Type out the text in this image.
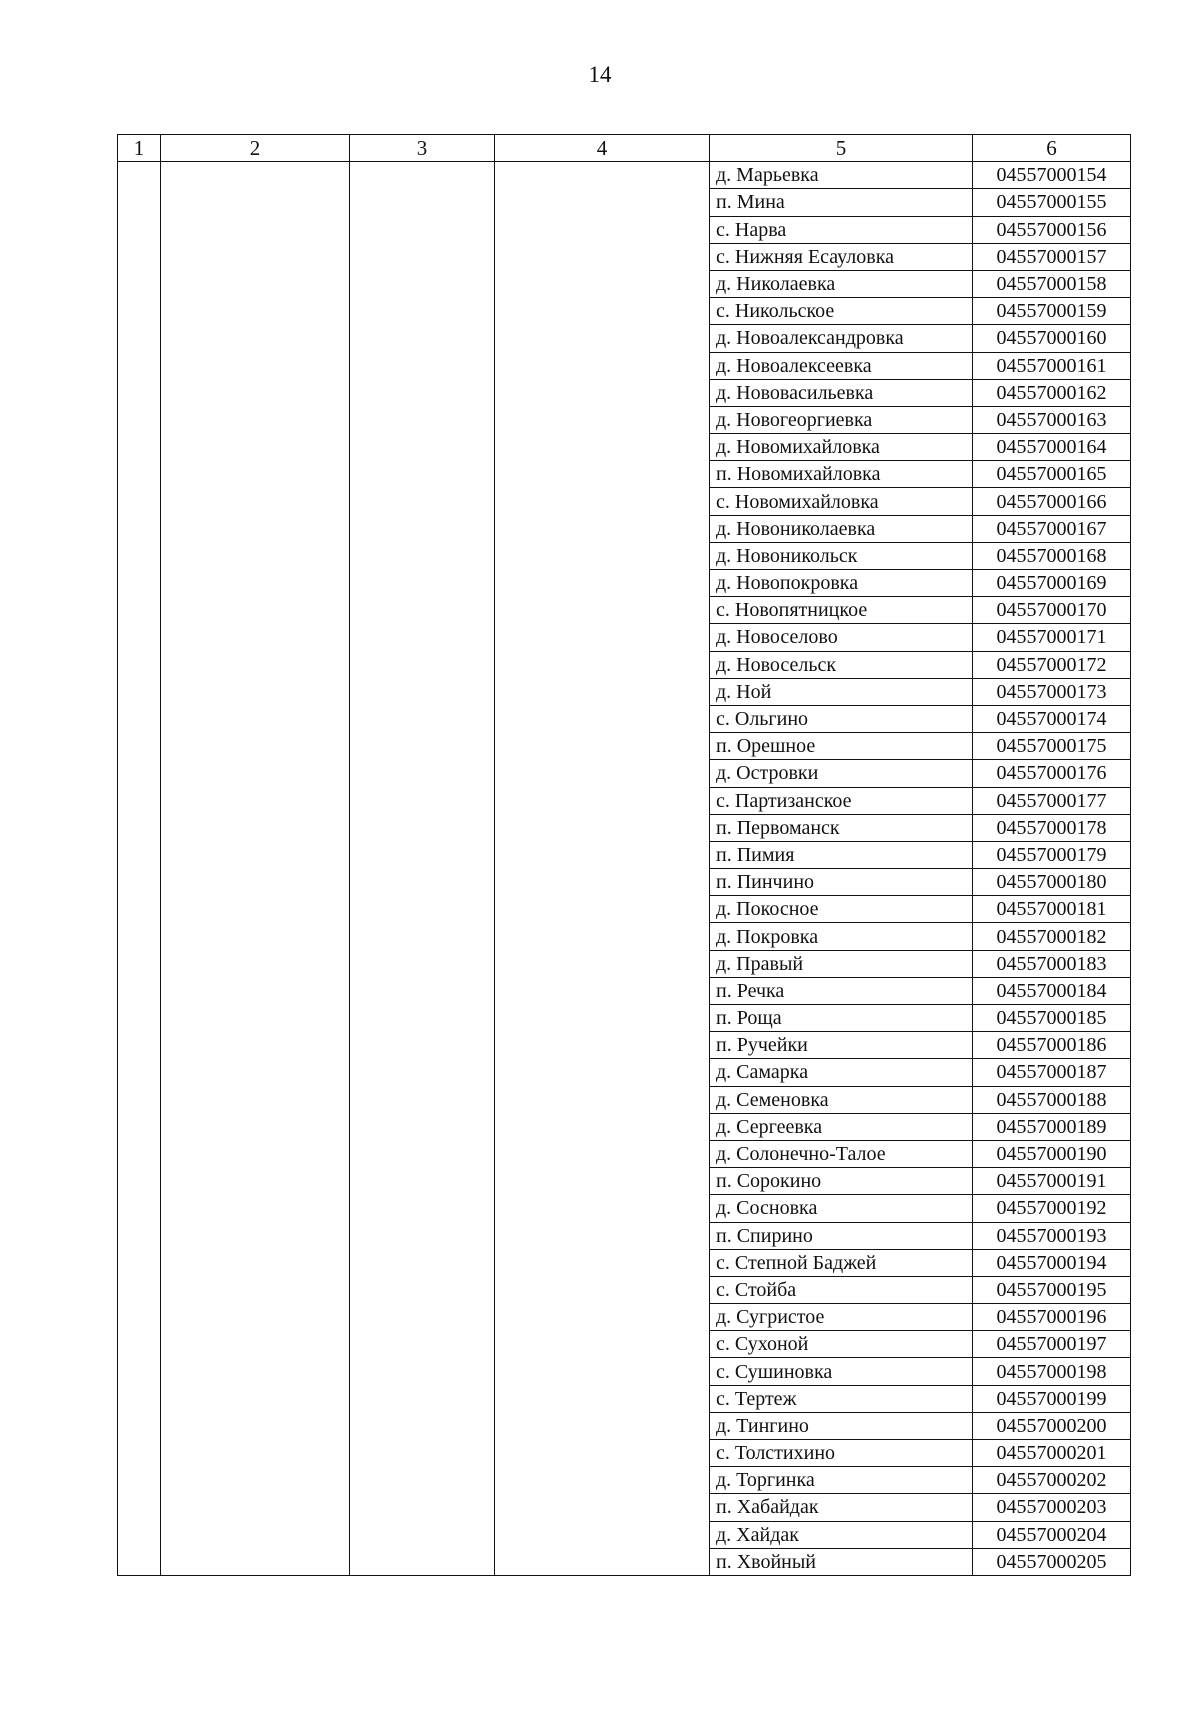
14
1	2	3	4	5	6
				д. Марьевка	04557000154
				п. Мина	04557000155
				с. Нарва	04557000156
				с. Нижняя Есауловка	04557000157
				д. Николаевка	04557000158
				с. Никольское	04557000159
				д. Новоалександровка	04557000160
				д. Новоалексеевка	04557000161
				д. Нововасильевка	04557000162
				д. Новогеоргиевка	04557000163
				д. Новомихайловка	04557000164
				п. Новомихайловка	04557000165
				с. Новомихайловка	04557000166
				д. Новониколаевка	04557000167
				д. Новоникольск	04557000168
				д. Новопокровка	04557000169
				с. Новопятницкое	04557000170
				д. Новоселово	04557000171
				д. Новосельск	04557000172
				д. Ной	04557000173
				с. Ольгино	04557000174
				п. Орешное	04557000175
				д. Островки	04557000176
				с. Партизанское	04557000177
				п. Первоманск	04557000178
				п. Пимия	04557000179
				п. Пинчино	04557000180
				д. Покосное	04557000181
				д. Покровка	04557000182
				д. Правый	04557000183
				п. Речка	04557000184
				п. Роща	04557000185
				п. Ручейки	04557000186
				д. Самарка	04557000187
				д. Семеновка	04557000188
				д. Сергеевка	04557000189
				д. Солонечно-Талое	04557000190
				п. Сорокино	04557000191
				д. Сосновка	04557000192
				п. Спирино	04557000193
				с. Степной Баджей	04557000194
				с. Стойба	04557000195
				д. Сугристое	04557000196
				с. Сухоной	04557000197
				с. Сушиновка	04557000198
				с. Тертеж	04557000199
				д. Тингино	04557000200
				с. Толстихино	04557000201
				д. Торгинка	04557000202
				п. Хабайдак	04557000203
				д. Хайдак	04557000204
				п. Хвойный	04557000205
